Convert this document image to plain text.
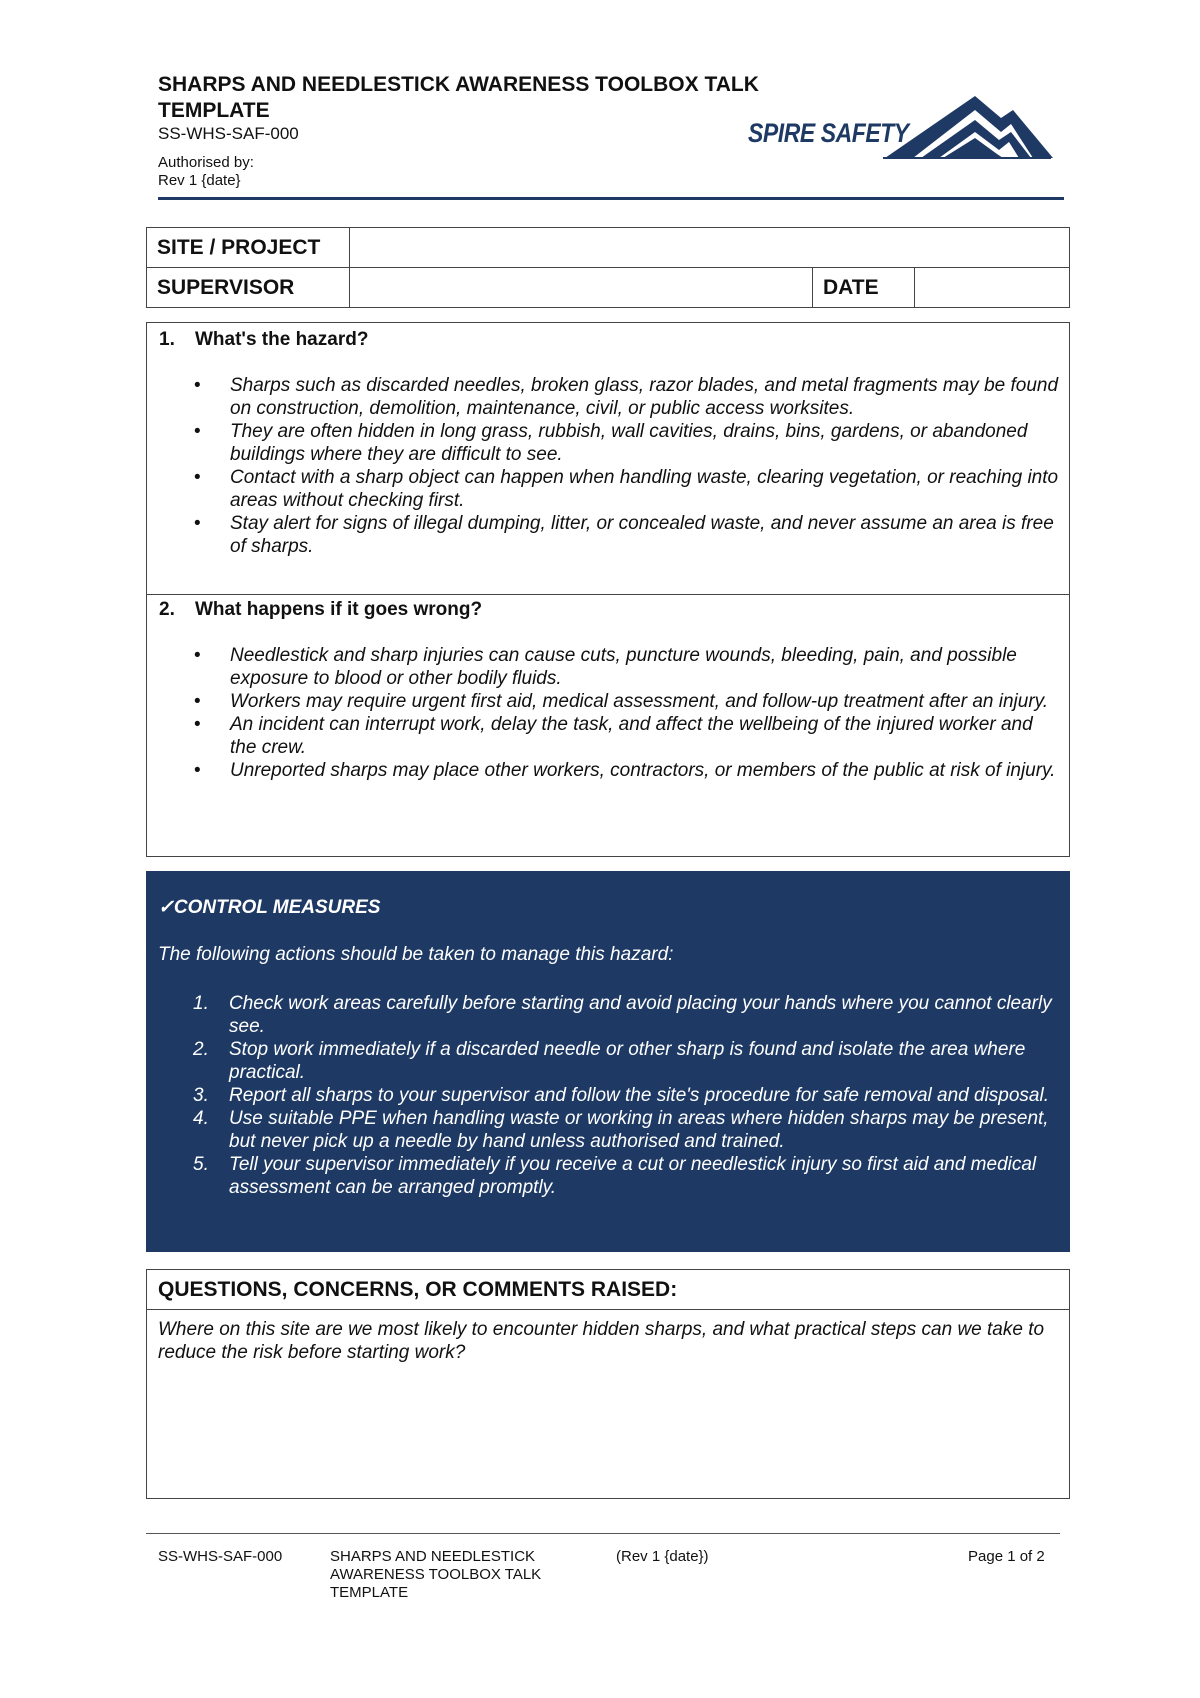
SHARPS AND NEEDLESTICK AWARENESS TOOLBOX TALK TEMPLATE

SS-WHS-SAF-000

Authorised by:
Rev 1 {date}
SPIRE SAFETY
SITE / PROJECT			
SUPERVISOR		DATE	
1.	What's the hazard?
• Sharps such as discarded needles, broken glass, razor blades, and metal fragments may be found on construction, demolition, maintenance, civil, or public access worksites.
• They are often hidden in long grass, rubbish, wall cavities, drains, bins, gardens, or abandoned buildings where they are difficult to see.
• Contact with a sharp object can happen when handling waste, clearing vegetation, or reaching into areas without checking first.
• Stay alert for signs of illegal dumping, litter, or concealed waste, and never assume an area is free of sharps.
2.	What happens if it goes wrong?
• Needlestick and sharp injuries can cause cuts, puncture wounds, bleeding, pain, and possible exposure to blood or other bodily fluids.
• Workers may require urgent first aid, medical assessment, and follow-up treatment after an injury.
• An incident can interrupt work, delay the task, and affect the wellbeing of the injured worker and the crew.
• Unreported sharps may place other workers, contractors, or members of the public at risk of injury.
✓CONTROL MEASURES
The following actions should be taken to manage this hazard:
1. Check work areas carefully before starting and avoid placing your hands where you cannot clearly see.
2. Stop work immediately if a discarded needle or other sharp is found and isolate the area where practical.
3. Report all sharps to your supervisor and follow the site's procedure for safe removal and disposal.
4. Use suitable PPE when handling waste or working in areas where hidden sharps may be present, but never pick up a needle by hand unless authorised and trained.
5. Tell your supervisor immediately if you receive a cut or needlestick injury so first aid and medical assessment can be arranged promptly.
QUESTIONS, CONCERNS, OR COMMENTS RAISED:
Where on this site are we most likely to encounter hidden sharps, and what practical steps can we take to reduce the risk before starting work?
SS-WHS-SAF-000	SHARPS AND NEEDLESTICK AWARENESS TOOLBOX TALK TEMPLATE
(Rev 1 {date})	Page 1 of 2
